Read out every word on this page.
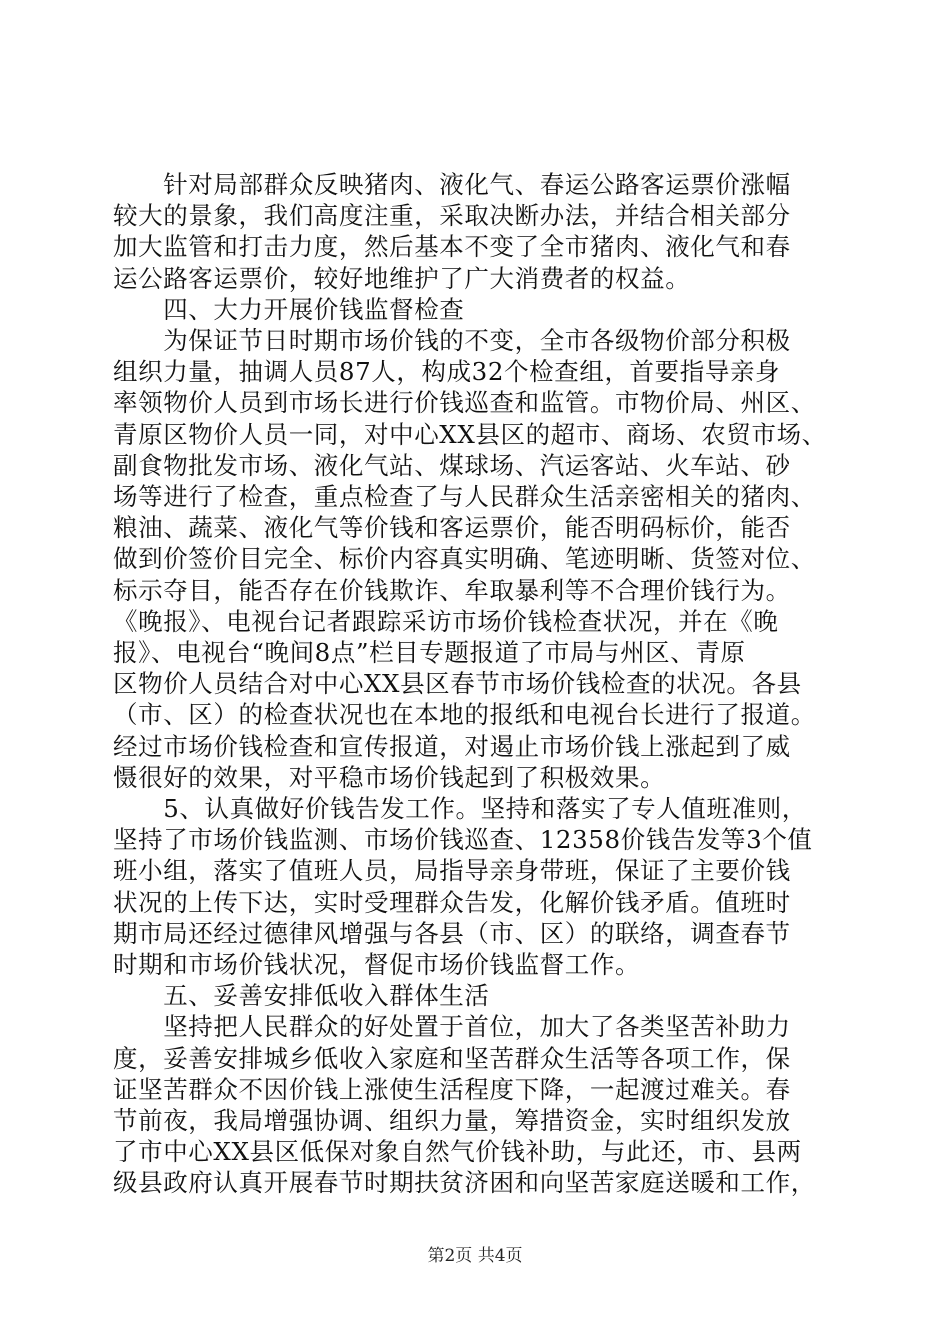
　　针对局部群众反映猪肉、液化气、春运公路客运票价涨幅
较大的景象，我们高度注重，采取决断办法，并结合相关部分
加大监管和打击力度，然后基本不变了全市猪肉、液化气和春
运公路客运票价，较好地维护了广大消费者的权益。
　　四、大力开展价钱监督检查
　　为保证节日时期市场价钱的不变，全市各级物价部分积极
组织力量，抽调人员87人，构成32个检查组，首要指导亲身
率领物价人员到市场长进行价钱巡查和监管。市物价局、州区、
青原区物价人员一同，对中心XX县区的超市、商场、农贸市场、
副食物批发市场、液化气站、煤球场、汽运客站、火车站、砂
场等进行了检查，重点检查了与人民群众生活亲密相关的猪肉、
粮油、蔬菜、液化气等价钱和客运票价，能否明码标价，能否
做到价签价目完全、标价内容真实明确、笔迹明晰、货签对位、
标示夺目，能否存在价钱欺诈、牟取暴利等不合理价钱行为。
《晚报》、电视台记者跟踪采访市场价钱检查状况，并在《晚
报》、电视台“晚间8点”栏目专题报道了市局与州区、青原
区物价人员结合对中心XX县区春节市场价钱检查的状况。各县
（市、区）的检查状况也在本地的报纸和电视台长进行了报道。
经过市场价钱检查和宣传报道，对遏止市场价钱上涨起到了威
慑很好的效果，对平稳市场价钱起到了积极效果。
　　5、认真做好价钱告发工作。坚持和落实了专人值班准则，
坚持了市场价钱监测、市场价钱巡查、12358价钱告发等3个值
班小组，落实了值班人员，局指导亲身带班，保证了主要价钱
状况的上传下达，实时受理群众告发，化解价钱矛盾。值班时
期市局还经过德律风增强与各县（市、区）的联络，调查春节
时期和市场价钱状况，督促市场价钱监督工作。
　　五、妥善安排低收入群体生活
　　坚持把人民群众的好处置于首位，加大了各类坚苦补助力
度，妥善安排城乡低收入家庭和坚苦群众生活等各项工作，保
证坚苦群众不因价钱上涨使生活程度下降，一起渡过难关。春
节前夜，我局增强协调、组织力量，筹措资金，实时组织发放
了市中心XX县区低保对象自然气价钱补助，与此还，市、县两
级县政府认真开展春节时期扶贫济困和向坚苦家庭送暖和工作，
第2页 共4页
